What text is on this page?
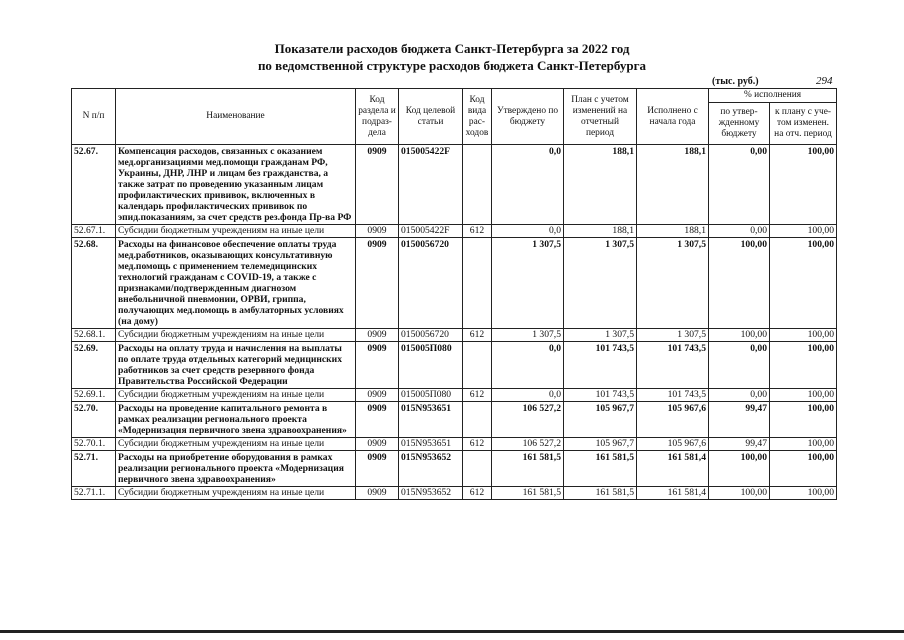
Показатели расходов бюджета Санкт-Петербурга за 2022 год
по ведомственной структуре расходов бюджета Санкт-Петербурга
(тыс. руб.)	294
N п/п	Наименование	Код раздела и подраз-дела	Код целевой статьи	Код вида рас-ходов	Утверждено по бюджету	План с учетом изменений на отчетный период	Исполнено с начала года	% исполнения	
								по утвер-жденному бюджету	к плану с уче-том изменен. на отч. период
52.67.	Компенсация расходов, связанных с оказанием мед.организациями мед.помощи гражданам РФ, Украины, ДНР, ЛНР и лицам без гражданства, а также затрат по проведению указанным лицам профилактических прививок, включенных в календарь профилактических прививок по эпид.показаниям, за счет средств рез.фонда Пр-ва РФ	0909	015005422F		0,0	188,1	188,1	0,00	100,00
52.67.1.	Субсидии бюджетным учреждениям на иные цели	0909	015005422F	612	0,0	188,1	188,1	0,00	100,00
52.68.	Расходы на финансовое обеспечение оплаты труда мед.работников, оказывающих консультативную мед.помощь с применением телемедицинских технологий гражданам с COVID-19, а также с признаками/подтвержденным диагнозом внебольничной пневмонии, ОРВИ, гриппа, получающих мед.помощь в амбулаторных условиях (на дому)	0909	0150056720		1 307,5	1 307,5	1 307,5	100,00	100,00
52.68.1.	Субсидии бюджетным учреждениям на иные цели	0909	0150056720	612	1 307,5	1 307,5	1 307,5	100,00	100,00
52.69.	Расходы на оплату труда и начисления на выплаты по оплате труда отдельных категорий медицинских работников за счет средств резервного фонда Правительства Российской Федерации	0909	015005П080		0,0	101 743,5	101 743,5	0,00	100,00
52.69.1.	Субсидии бюджетным учреждениям на иные цели	0909	015005П080	612	0,0	101 743,5	101 743,5	0,00	100,00
52.70.	Расходы на проведение капитального ремонта в рамках реализации регионального проекта «Модернизация первичного звена здравоохранения»	0909	015N953651		106 527,2	105 967,7	105 967,6	99,47	100,00
52.70.1.	Субсидии бюджетным учреждениям на иные цели	0909	015N953651	612	106 527,2	105 967,7	105 967,6	99,47	100,00
52.71.	Расходы на приобретение оборудования в рамках реализации регионального проекта «Модернизация первичного звена здравоохранения»	0909	015N953652		161 581,5	161 581,5	161 581,4	100,00	100,00
52.71.1.	Субсидии бюджетным учреждениям на иные цели	0909	015N953652	612	161 581,5	161 581,5	161 581,4	100,00	100,00
